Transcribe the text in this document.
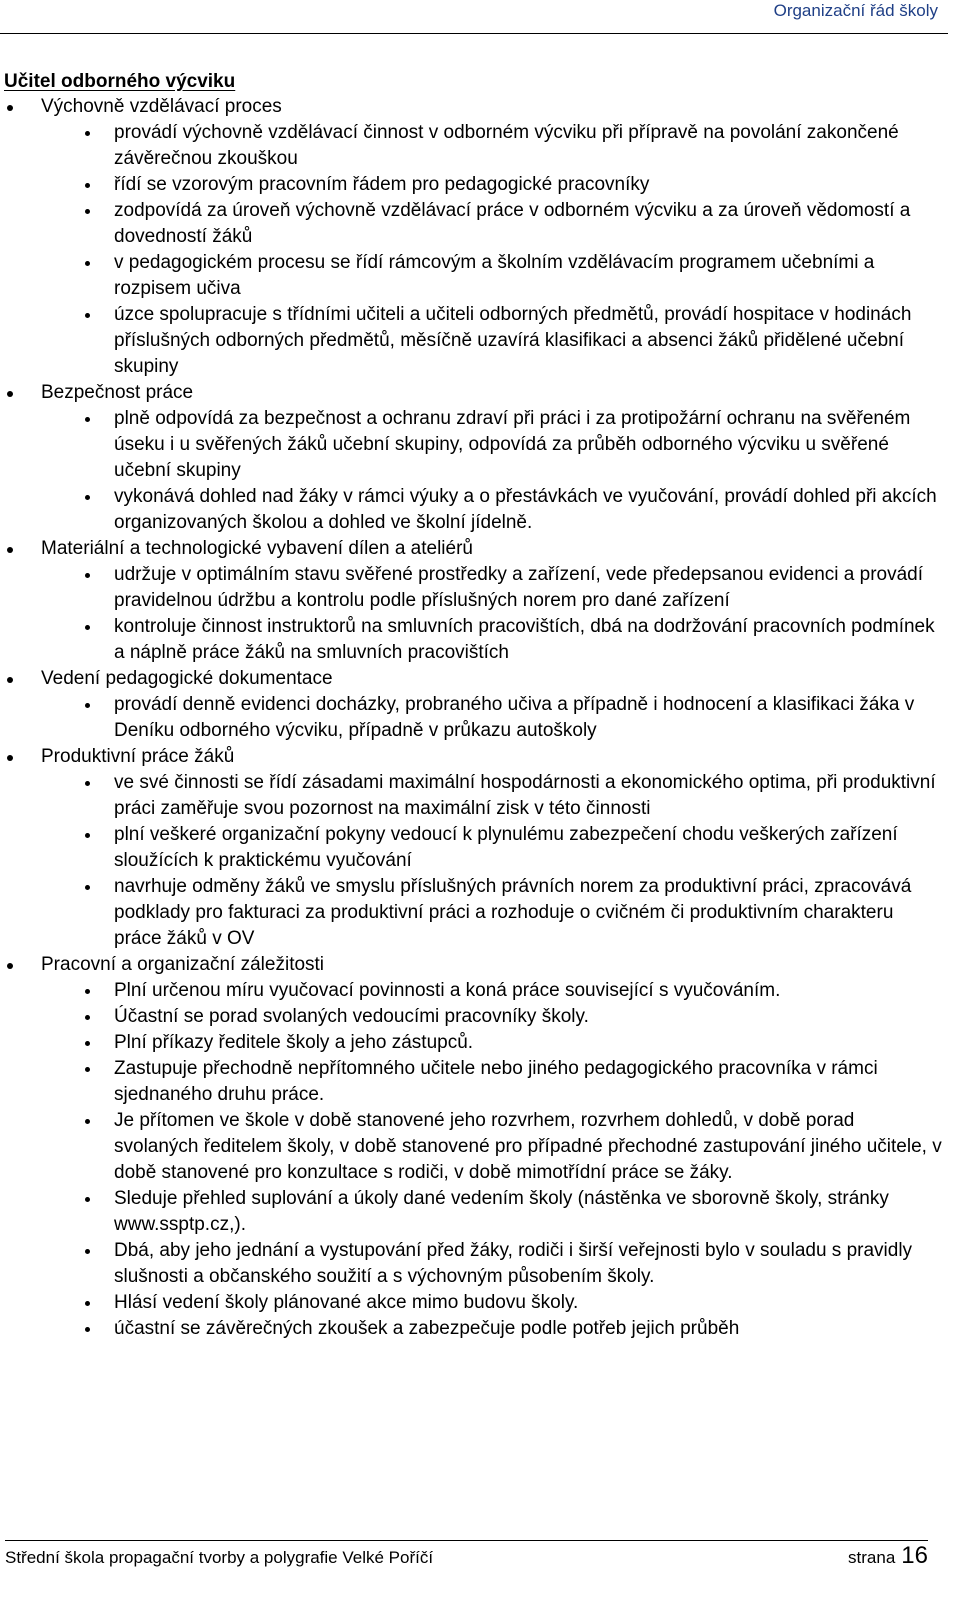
Organizační řád školy
Učitel odborného výcviku
Výchovně vzdělávací proces
provádí výchovně vzdělávací činnost v odborném výcviku při přípravě na povolání zakončené závěrečnou zkouškou
řídí se vzorovým pracovním řádem pro pedagogické pracovníky
zodpovídá za úroveň výchovně vzdělávací práce v odborném výcviku a za úroveň vědomostí a dovedností žáků
v pedagogickém procesu se řídí rámcovým a školním vzdělávacím programem učebními a rozpisem učiva
úzce spolupracuje s třídními učiteli a učiteli odborných předmětů, provádí hospitace v hodinách příslušných odborných předmětů, měsíčně uzavírá klasifikaci a absenci žáků přidělené učební skupiny
Bezpečnost práce
plně odpovídá za bezpečnost a ochranu zdraví při práci i za protipožární ochranu na svěřeném úseku i u svěřených žáků učební skupiny, odpovídá za průběh odborného výcviku u svěřené učební skupiny
vykonává dohled nad žáky v rámci výuky a o přestávkách ve vyučování, provádí dohled při akcích organizovaných školou a dohled ve školní jídelně.
Materiální a technologické vybavení dílen a ateliérů
udržuje v optimálním stavu svěřené prostředky a zařízení, vede předepsanou evidenci a provádí pravidelnou údržbu a kontrolu podle příslušných norem pro dané zařízení
kontroluje činnost instruktorů na smluvních pracovištích, dbá na dodržování pracovních podmínek a náplně práce žáků na smluvních pracovištích
Vedení pedagogické dokumentace
provádí denně evidenci docházky, probraného učiva a případně i hodnocení a klasifikaci žáka v Deníku odborného výcviku, případně v průkazu autoškoly
Produktivní práce žáků
ve své činnosti se řídí zásadami maximální hospodárnosti a ekonomického optima, při produktivní práci zaměřuje svou pozornost na maximální zisk v této činnosti
plní veškeré organizační pokyny vedoucí k plynulému zabezpečení chodu veškerých zařízení sloužících k praktickému vyučování
navrhuje odměny žáků ve smyslu příslušných právních norem za produktivní práci, zpracovává podklady pro fakturaci za produktivní práci a rozhoduje o cvičném či produktivním charakteru práce žáků v OV
Pracovní a organizační záležitosti
Plní určenou míru vyučovací povinnosti a koná práce související s vyučováním.
Účastní se porad svolaných vedoucími pracovníky školy.
Plní příkazy ředitele školy a jeho zástupců.
Zastupuje přechodně nepřítomného učitele nebo jiného pedagogického pracovníka v rámci sjednaného druhu práce.
Je přítomen ve škole v době stanovené jeho rozvrhem, rozvrhem dohledů, v době porad svolaných ředitelem školy, v době stanovené pro případné přechodné zastupování jiného učitele, v době stanovené pro konzultace s rodiči, v době mimotřídní práce se žáky.
Sleduje přehled suplování a úkoly dané vedením školy (nástěnka ve sborovně školy, stránky www.ssptp.cz,).
Dbá, aby jeho jednání a vystupování před žáky, rodiči i širší veřejnosti bylo v souladu s pravidly slušnosti a občanského soužití a s výchovným působením školy.
Hlásí vedení školy plánované akce mimo budovu školy.
účastní se závěrečných zkoušek a zabezpečuje podle potřeb jejich průběh
Střední škola propagační tvorby a polygrafie Velké Poříčí	strana 16
